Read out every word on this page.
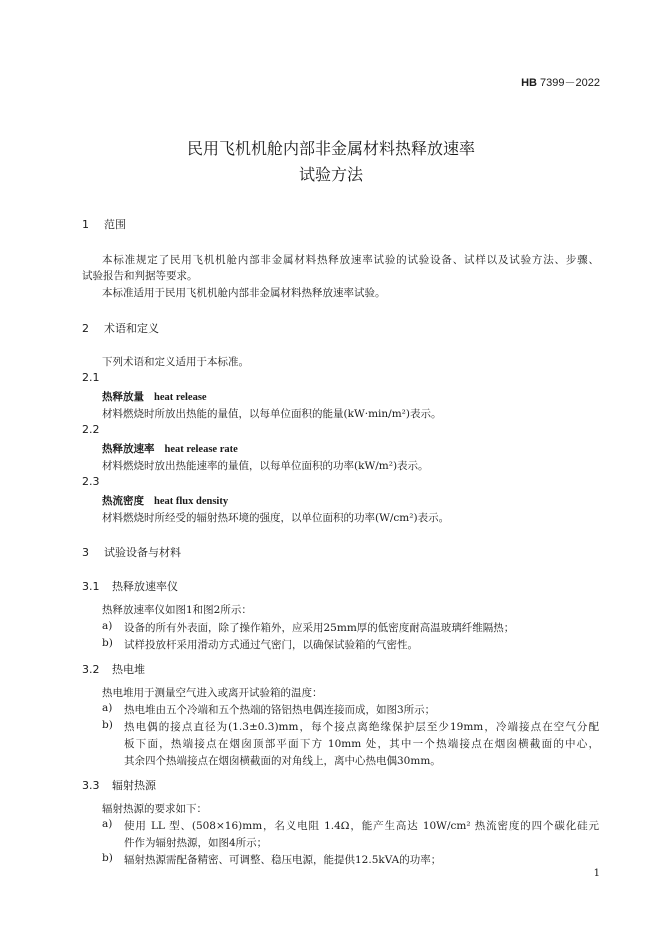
HB 7399－2022
民用飞机机舱内部非金属材料热释放速率
试验方法
1 范围
本标准规定了民用飞机机舱内部非金属材料热释放速率试验的试验设备、试样以及试验方法、步骤、
试验报告和判据等要求。
本标准适用于民用飞机机舱内部非金属材料热释放速率试验。
2 术语和定义
下列术语和定义适用于本标准。
2.1
热释放量 heat release
材料燃烧时所放出热能的量值，以每单位面积的能量(kW·min/m²)表示。
2.2
热释放速率 heat release rate
材料燃烧时放出热能速率的量值，以每单位面积的功率(kW/m²)表示。
2.3
热流密度 heat flux density
材料燃烧时所经受的辐射热环境的强度，以单位面积的功率(W/cm²)表示。
3 试验设备与材料
3.1 热释放速率仪
热释放速率仪如图1和图2所示：
a) 设备的所有外表面，除了操作箱外，应采用25mm厚的低密度耐高温玻璃纤维隔热；
b) 试样投放杆采用滑动方式通过气密门，以确保试验箱的气密性。
3.2 热电堆
热电堆用于测量空气进入或离开试验箱的温度：
a) 热电堆由五个冷端和五个热端的铬铝热电偶连接而成，如图3所示；
b) 热电偶的接点直径为(1.3±0.3)mm，每个接点离绝缘保护层至少19mm，冷端接点在空气分配
板下面，热端接点在烟囱顶部平面下方 10mm 处，其中一个热端接点在烟囱横截面的中心，
其余四个热端接点在烟囱横截面的对角线上，离中心热电偶30mm。
3.3 辐射热源
辐射热源的要求如下：
a) 使用 LL 型、(508×16)mm，名义电阻 1.4Ω，能产生高达 10W/cm² 热流密度的四个碳化硅元
件作为辐射热源，如图4所示；
b) 辐射热源需配备精密、可调整、稳压电源，能提供12.5kVA的功率；
1
